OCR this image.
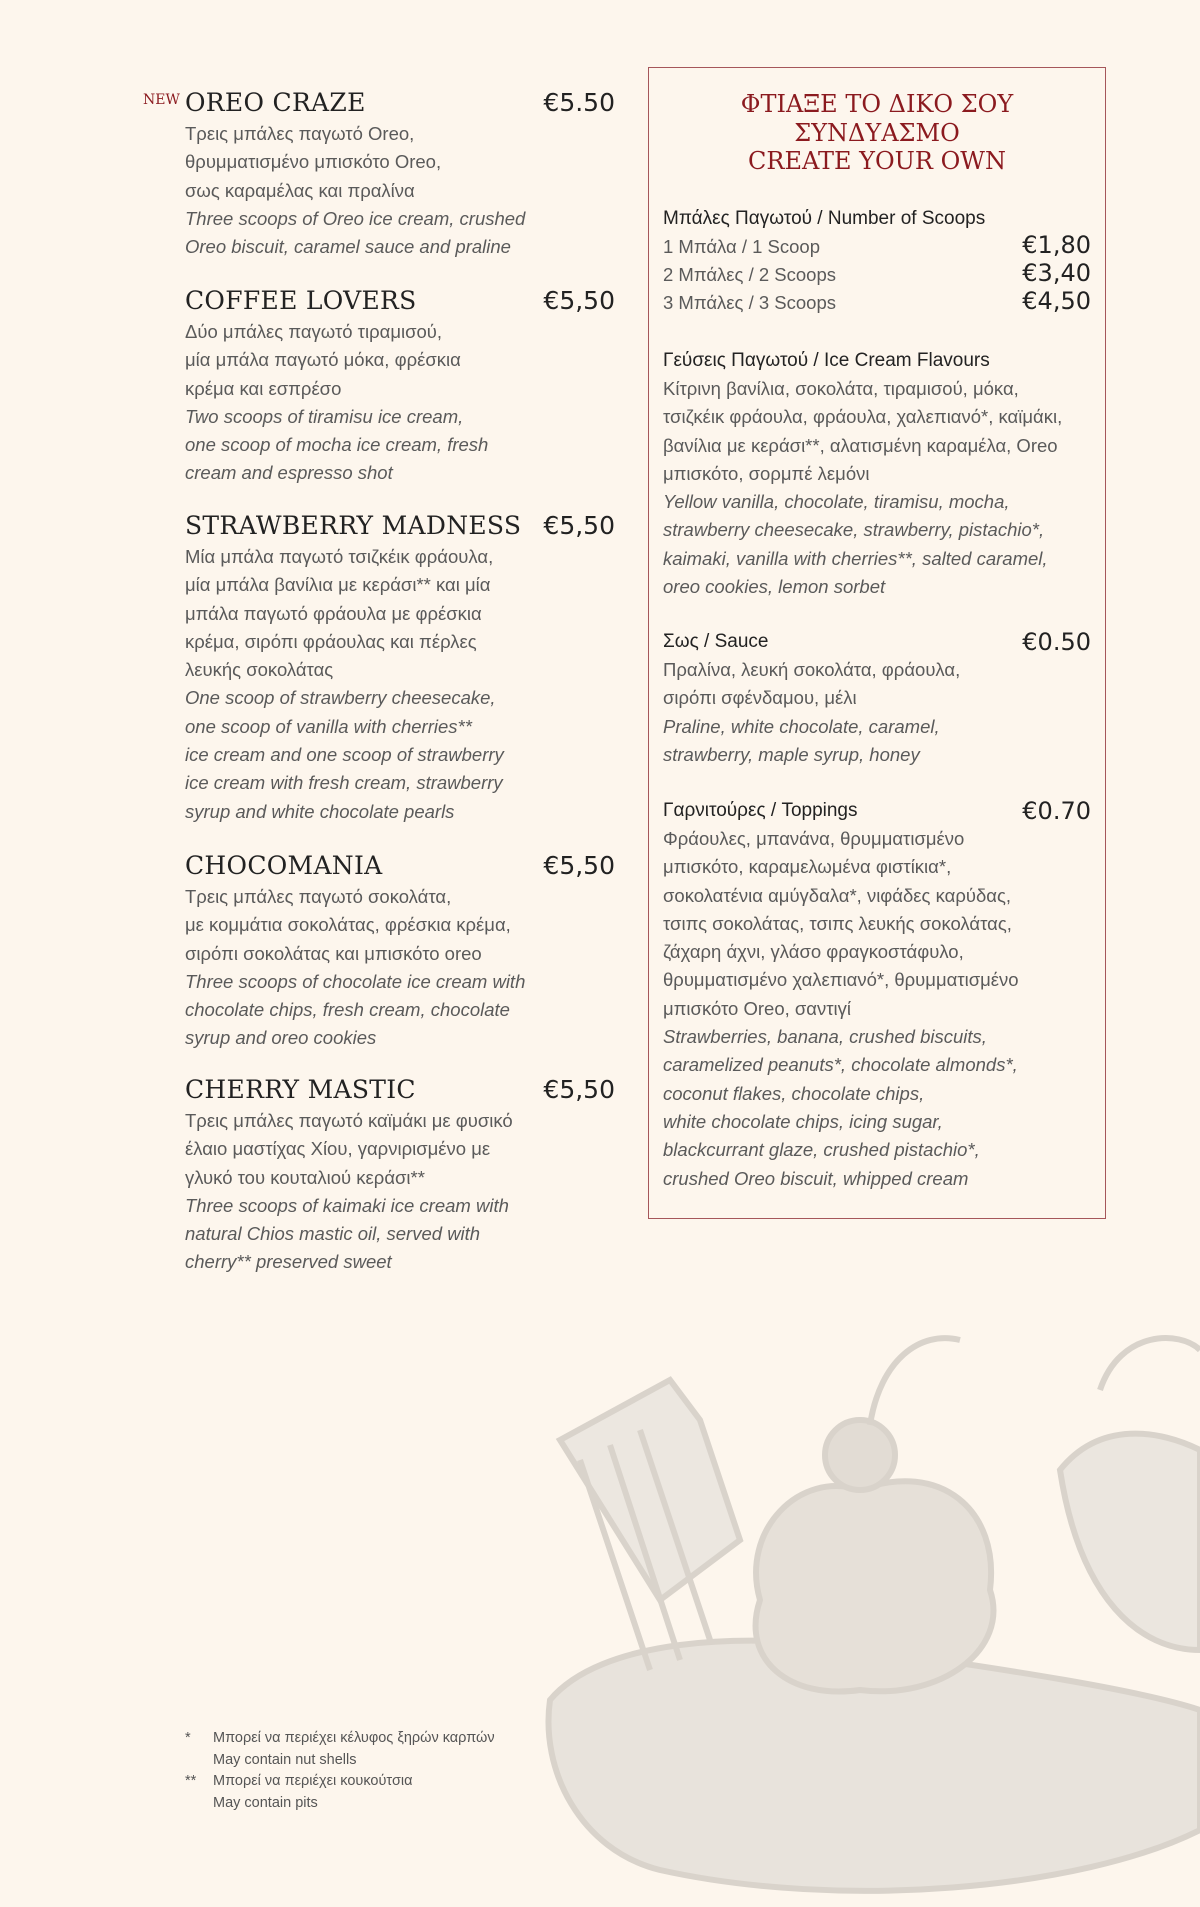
NEW OREO CRAZE	€5.50
Τρεις μπάλες παγωτό Oreo,
θρυμματισμένο μπισκότο Oreo,
σως καραμέλας και πραλίνα
Three scoops of Oreo ice cream, crushed
Oreo biscuit, caramel sauce and praline
COFFEE LOVERS	€5,50
Δύο μπάλες παγωτό τιραμισού,
μία μπάλα παγωτό μόκα, φρέσκια
κρέμα και εσπρέσο
Two scoops of tiramisu ice cream,
one scoop of mocha ice cream, fresh
cream and espresso shot
STRAWBERRY MADNESS €5,50
Μία μπάλα παγωτό τσιζκέικ φράουλα,
μία μπάλα βανίλια με κεράσι** και μία
μπάλα παγωτό φράουλα με φρέσκια
κρέμα, σιρόπι φράουλας και πέρλες
λευκής σοκολάτας
One scoop of strawberry cheesecake,
one scoop of vanilla with cherries**
ice cream and one scoop of strawberry
ice cream with fresh cream, strawberry
syrup and white chocolate pearls
CHOCOMANIA	€5,50
Τρεις μπάλες παγωτό σοκολάτα,
με κομμάτια σοκολάτας, φρέσκια κρέμα,
σιρόπι σοκολάτας και μπισκότο oreo
Three scoops of chocolate ice cream with
chocolate chips, fresh cream, chocolate
syrup and oreo cookies
CHERRY MASTIC	€5,50
Τρεις μπάλες παγωτό καϊμάκι με φυσικό
έλαιο μαστίχας Χίου, γαρνιρισμένο με
γλυκό του κουταλιού κεράσι**
Three scoops of kaimaki ice cream with
natural Chios mastic oil, served with
cherry** preserved sweet
ΦΤΙΑΞΕ ΤΟ ΔΙΚΟ ΣΟΥ
ΣΥΝΔΥΑΣΜΟ
CREATE YOUR OWN
Μπάλες Παγωτού / Number of Scoops
1 Μπάλα / 1 Scoop	€1,80
2 Μπάλες / 2 Scoops	€3,40
3 Μπάλες / 3 Scoops	€4,50
Γεύσεις Παγωτού / Ice Cream Flavours
Κίτρινη βανίλια, σοκολάτα, τιραμισού, μόκα,
τσιζκέικ φράουλα, φράουλα, χαλεπιανό*, καϊμάκι,
βανίλια με κεράσι**, αλατισμένη καραμέλα, Oreo
μπισκότο, σορμπέ λεμόνι
Yellow vanilla, chocolate, tiramisu, mocha,
strawberry cheesecake, strawberry, pistachio*,
kaimaki, vanilla with cherries**, salted caramel,
oreo cookies, lemon sorbet
Σως / Sauce	€0.50
Πραλίνα, λευκή σοκολάτα, φράουλα,
σιρόπι σφένδαμου, μέλι
Praline, white chocolate, caramel,
strawberry, maple syrup, honey
Γαρνιτούρες / Toppings	€0.70
Φράουλες, μπανάνα, θρυμματισμένο
μπισκότο, καραμελωμένα φιστίκια*,
σοκολατένια αμύγδαλα*, νιφάδες καρύδας,
τσιπς σοκολάτας, τσιπς λευκής σοκολάτας,
ζάχαρη άχνι, γλάσο φραγκοστάφυλο,
θρυμματισμένο χαλεπιανό*, θρυμματισμένο
μπισκότο Oreo, σαντιγί
Strawberries, banana, crushed biscuits,
caramelized peanuts*, chocolate almonds*,
coconut flakes, chocolate chips,
white chocolate chips, icing sugar,
blackcurrant glaze, crushed pistachio*,
crushed Oreo biscuit, whipped cream
* Μπορεί να περιέχει κέλυφος ξηρών καρπών
May contain nut shells
** Μπορεί να περιέχει κουκούτσια
May contain pits
